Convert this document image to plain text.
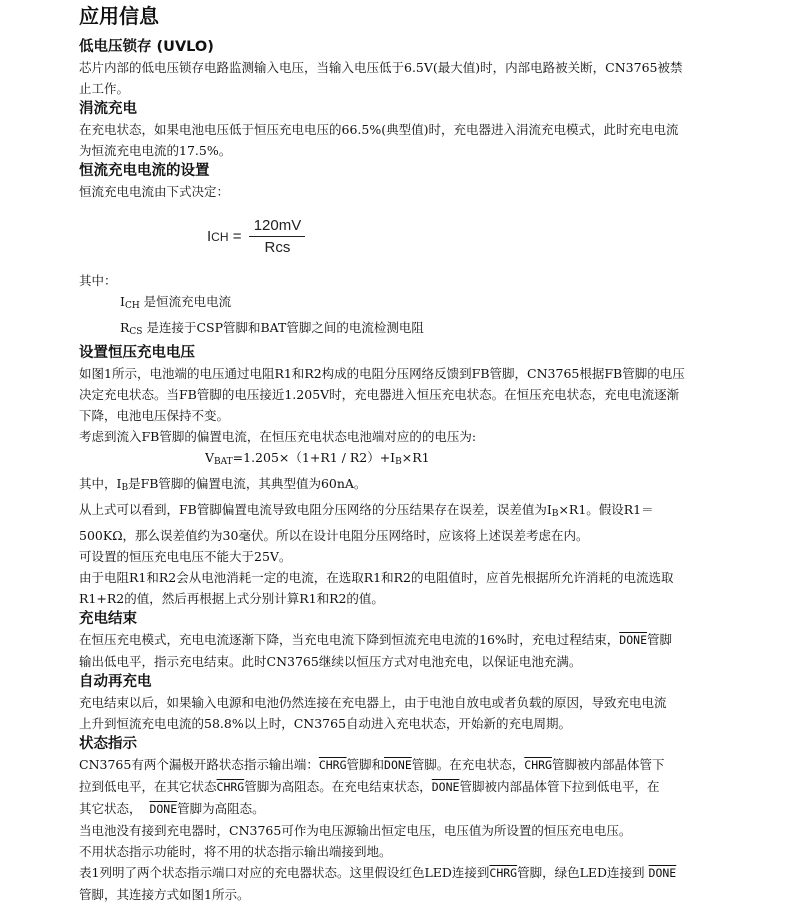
应用信息
低电压锁存 (UVLO)

芯片内部的低电压锁存电路监测输入电压，当输入电压低于6.5V(最大值)时，内部电路被关断，CN3765被禁

止工作。

涓流充电

在充电状态，如果电池电压低于恒压充电电压的66.5%(典型值)时，充电器进入涓流充电模式，此时充电电流

为恒流充电电流的17.5%。

恒流充电电流的设置

恒流充电电流由下式决定：

ICH = $\frac{120mV}{\text{Rcs}}$

其中：

$I_{CH}$ 是恒流充电电流
$R_{CS}$ 是连接于CSP管脚和BAT管脚之间的电流检测电阻
设置恒压充电电压

如图1所示，电池端的电压通过电阻R1和R2构成的电阻分压网络反馈到FB管脚，CN3765根据FB管脚的电压

决定充电状态。当FB管脚的电压接近1.205V时，充电器进入恒压充电状态。在恒压充电状态，充电电流逐渐

下降，电池电压保持不变。

考虑到流入FB管脚的偏置电流，在恒压充电状态电池端对应的的电压为:

$V_{BAT}=1.205\times(1+R1 / R2)+I_B\times R1$

其中，$I_B$是FB管脚的偏置电流，其典型值为60nA。

从上式可以看到，FB管脚偏置电流导致电阻分压网络的分压结果存在误差，误差值为$I_B\times R1$。假设R1＝

500KΩ，那么误差值约为30毫伏。所以在设计电阻分压网络时，应该将上述误差考虑在内。

可设置的恒压充电电压不能大于25V。

由于电阻R1和R2会从电池消耗一定的电流，在选取R1和R2的电阻值时，应首先根据所允许消耗的电流选取

R1+R2的值，然后再根据上式分别计算R1和R2的值。

充电结束

在恒压充电模式，充电电流逐渐下降，当充电电流下降到恒流充电电流的16%时，充电过程结束，DONE管脚

输出低电平，指示充电结束。此时CN3765继续以恒压方式对电池充电，以保证电池充满。

自动再充电

充电结束以后，如果输入电源和电池仍然连接在充电器上，由于电池自放电或者负载的原因，导致充电电流

上升到恒流充电电流的58.8%以上时，CN3765自动进入充电状态，开始新的充电周期。

状态指示

CN3765有两个漏极开路状态指示输出端：CHRG管脚和DONE管脚。在充电状态，CHRG管脚被内部晶体管下

拉到低电平，在其它状态CHRG管脚为高阻态。在充电结束状态，DONE管脚被内部晶体管下拉到低电平，在

其它状态，  DONE管脚为高阻态。

当电池没有接到充电器时，CN3765可作为电压源输出恒定电压，电压值为所设置的恒压充电电压。

不用状态指示功能时，将不用的状态指示输出端接到地。

表1列明了两个状态指示端口对应的充电器状态。这里假设红色LED连接到CHRG管脚，绿色LED连接到 DONE

管脚，其连接方式如图1所示。
